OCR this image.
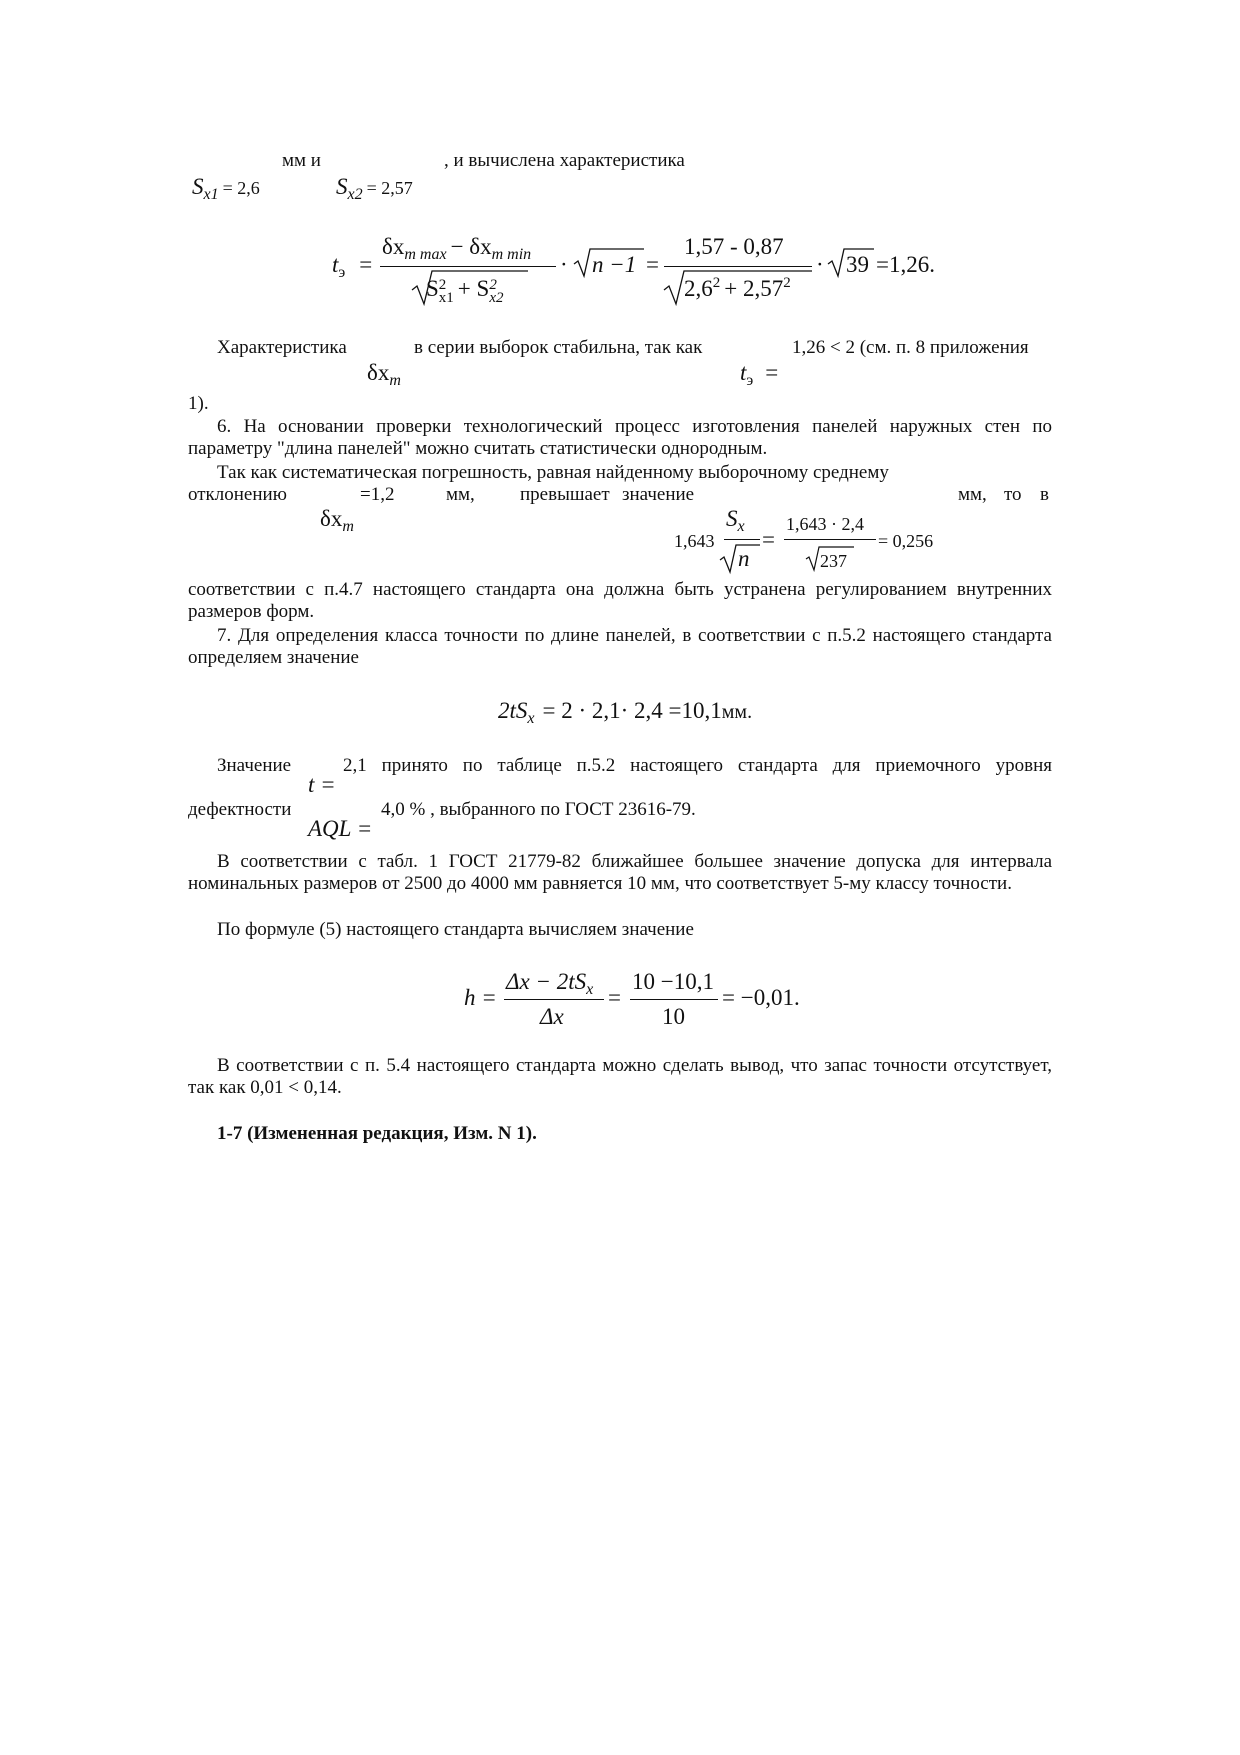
мм и	, и вычислена характеристика
Sx1 = 2,6	Sx2 = 2,57
tэ =
δxm max − δxm min
S 2
x1 + S 2
x2
· n −1 =
1,57 - 0,87
2,62 + 2,572
· 39 =1,26.
Характеристика
δxm
в серии выборок стабильна, так как
tэ =
1,26 < 2 (см. п. 8 приложения
1).
6. На основании проверки технологический процесс изготовления панелей наружных стен по параметру "длина панелей" можно считать статистически однородным.
Так как систематическая погрешность, равная найденному выборочному среднему
отклонению
δxm
=1,2	мм, превышает значение	мм, то в
1,643
Sx
n
=
1,643 · 2,4
237
= 0,256
соответствии с п.4.7 настоящего стандарта она должна быть устранена регулированием внутренних размеров форм.
7. Для определения класса точности по длине панелей, в соответствии с п.5.2 настоящего стандарта определяем значение
2tSx = 2 · 2,1· 2,4 =10,1мм.
Значение
t =
2,1 принято по таблице п.5.2 настоящего стандарта для приемочного уровня
дефектности
AQL =
4,0 % , выбранного по ГОСТ 23616-79.
В соответствии с табл. 1 ГОСТ 21779-82 ближайшее большее значение допуска для интервала номинальных размеров от 2500 до 4000 мм равняется 10 мм, что соответствует 5-му классу точности.
По формуле (5) настоящего стандарта вычисляем значение
h =
Δx − 2tSx
Δx
=
10 −10,1
10
= −0,01.
В соответствии с п. 5.4 настоящего стандарта можно сделать вывод, что запас точности отсутствует, так как 0,01 < 0,14.
1-7 (Измененная редакция, Изм. N 1).
